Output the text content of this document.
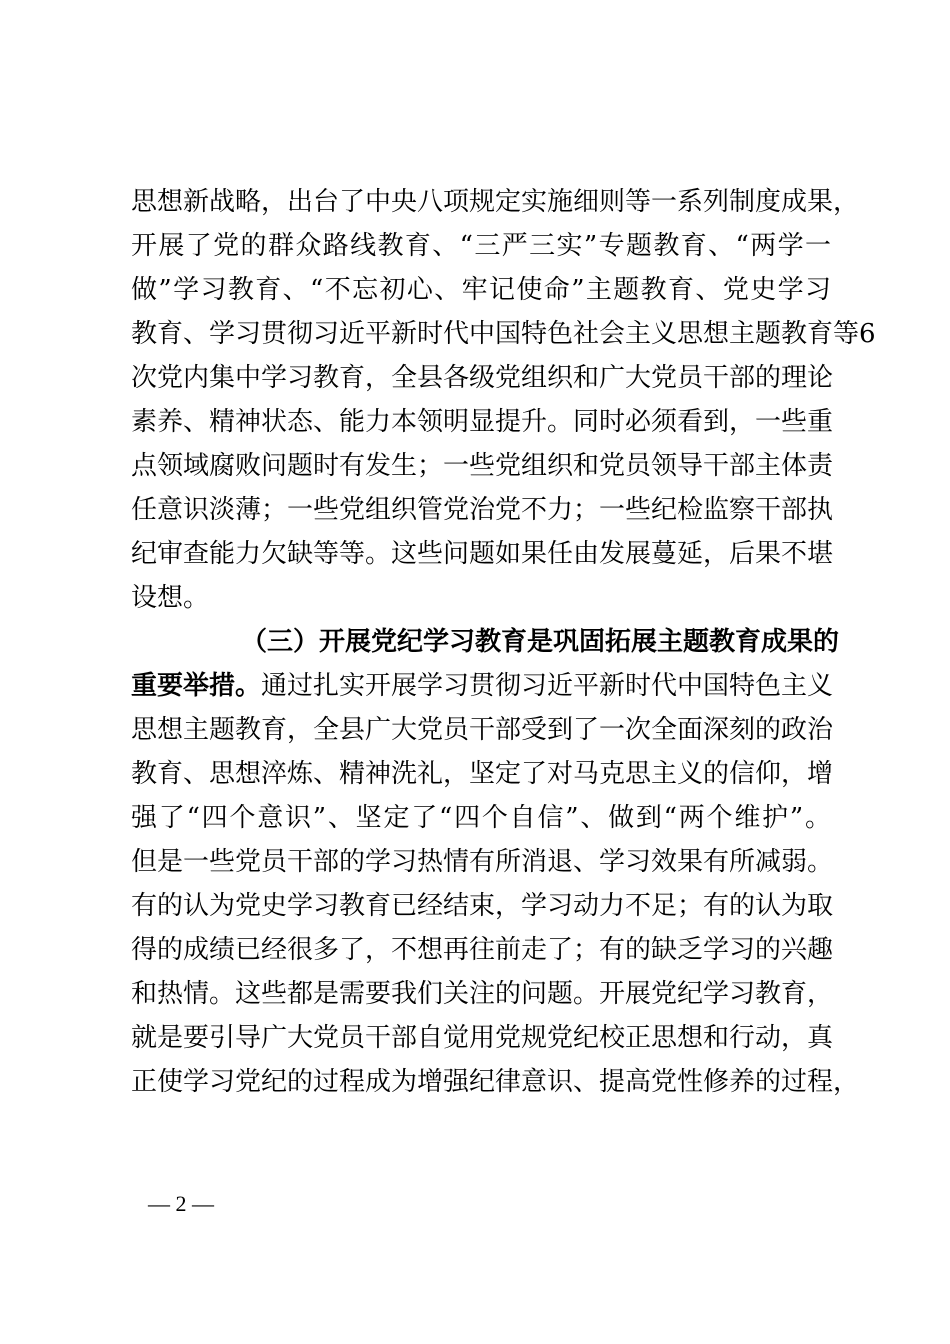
思想新战略，出台了中央八项规定实施细则等一系列制度成果，
开展了党的群众路线教育、“三严三实”专题教育、“两学一
做”学习教育、“不忘初心、牢记使命”主题教育、党史学习
教育、学习贯彻习近平新时代中国特色社会主义思想主题教育等6
次党内集中学习教育，全县各级党组织和广大党员干部的理论
素养、精神状态、能力本领明显提升。同时必须看到，一些重
点领域腐败问题时有发生；一些党组织和党员领导干部主体责
任意识淡薄；一些党组织管党治党不力；一些纪检监察干部执
纪审查能力欠缺等等。这些问题如果任由发展蔓延，后果不堪
设想。
（三）开展党纪学习教育是巩固拓展主题教育成果的
重要举措。通过扎实开展学习贯彻习近平新时代中国特色主义
思想主题教育，全县广大党员干部受到了一次全面深刻的政治
教育、思想淬炼、精神洗礼，坚定了对马克思主义的信仰，增
强了“四个意识”、坚定了“四个自信”、做到“两个维护”。
但是一些党员干部的学习热情有所消退、学习效果有所减弱。
有的认为党史学习教育已经结束，学习动力不足；有的认为取
得的成绩已经很多了，不想再往前走了；有的缺乏学习的兴趣
和热情。这些都是需要我们关注的问题。开展党纪学习教育，
就是要引导广大党员干部自觉用党规党纪校正思想和行动，真
正使学习党纪的过程成为增强纪律意识、提高党性修养的过程，
— 2 —
